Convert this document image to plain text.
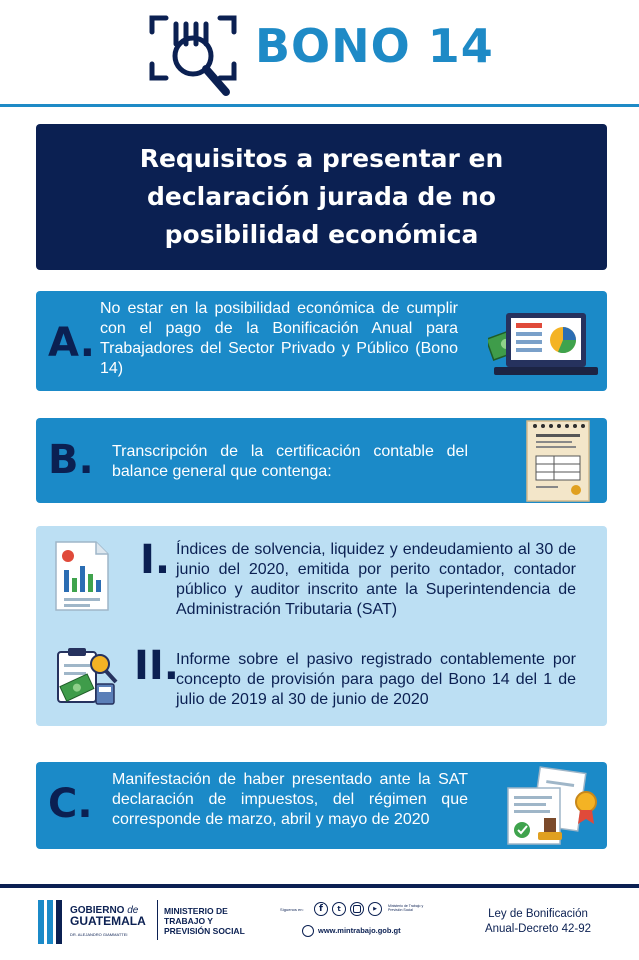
BONO 14
Requisitos a presentar en declaración jurada de no posibilidad económica
A.
No estar en la posibilidad económica de cumplir con el pago de la Bonificación Anual para Trabajadores del Sector Privado y Público (Bono 14)
B. Transcripción de la certificación contable del balance general que contenga:
I. Índices de solvencia, liquidez y endeudamiento al 30 de junio del 2020, emitida por perito contador, contador público y auditor inscrito ante la Superintendencia de Administración Tributaria (SAT)
II.
Informe sobre el pasivo registrado contablemente por concepto de provisión para pago del Bono 14 del 1 de julio de 2019 al 30 de junio de 2020
C.
Manifestación de haber presentado ante la SAT declaración de impuestos, del régimen que corresponde de marzo, abril y mayo de 2020
GOBIERNO de
GUATEMALA
DR. ALEJANDRO GIAMMATTEI
MINISTERIO DE TRABAJO Y PREVISIÓN SOCIAL
Síguenos en:	f	t	▶	Ministerio de Trabajo y Previsión Social
www.mintrabajo.gob.gt
Ley de Bonificación
Anual-Decreto 42-92
